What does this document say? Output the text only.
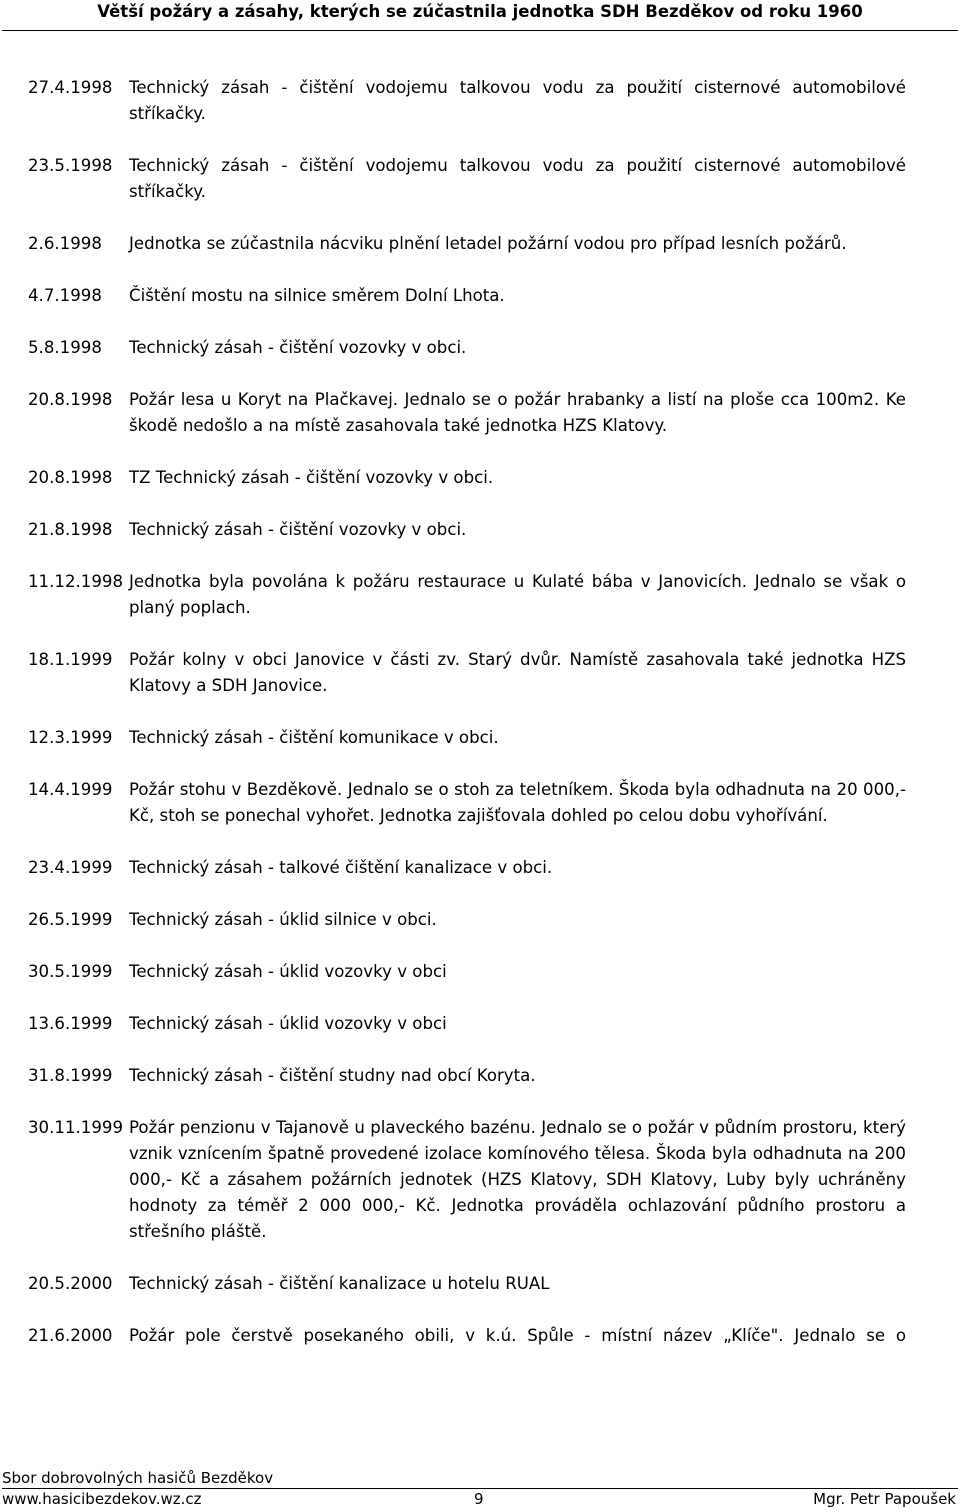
Větší požáry a zásahy, kterých se zúčastnila jednotka SDH Bezděkov od roku 1960
27.4.1998 Technický zásah - čištění vodojemu talkovou vodu za použití cisternové automobilové stříkačky.
23.5.1998 Technický zásah - čištění vodojemu talkovou vodu za použití cisternové automobilové stříkačky.
2.6.1998	Jednotka se zúčastnila nácviku plnění letadel požární vodou pro případ lesních požárů.
4.7.1998	Čištění mostu na silnice směrem Dolní Lhota.
5.8.1998	Technický zásah - čištění vozovky v obci.
20.8.1998 Požár lesa u Koryt na Plačkavej. Jednalo se o požár hrabanky a listí na ploše cca 100m2. Ke škodě nedošlo a na místě zasahovala také jednotka HZS Klatovy.
20.8.1998 TZ Technický zásah - čištění vozovky v obci.
21.8.1998 Technický zásah - čištění vozovky v obci.
11.12.1998 Jednotka byla povolána k požáru restaurace u Kulaté bába v Janovicích. Jednalo se však o planý poplach.
18.1.1999 Požár kolny v obci Janovice v části zv. Starý dvůr. Namístě zasahovala také jednotka HZS Klatovy a SDH Janovice.
12.3.1999 Technický zásah - čištění komunikace v obci.
14.4.1999 Požár stohu v Bezděkově. Jednalo se o stoh za teletníkem. Škoda byla odhadnuta na 20 000,- Kč, stoh se ponechal vyhořet. Jednotka zajišťovala dohled po celou dobu vyhořívání.
23.4.1999 Technický zásah - talkové čištění kanalizace v obci.
26.5.1999 Technický zásah - úklid silnice v obci.
30.5.1999 Technický zásah - úklid vozovky v obci
13.6.1999 Technický zásah - úklid vozovky v obci
31.8.1999 Technický zásah - čištění studny nad obcí Koryta.
30.11.1999 Požár penzionu v Tajanově u plaveckého bazénu. Jednalo se o požár v půdním prostoru, který vznik vznícením špatně provedené izolace komínového tělesa. Škoda byla odhadnuta na 200 000,- Kč a zásahem požárních jednotek (HZS Klatovy, SDH Klatovy, Luby byly uchráněny hodnoty za téměř 2 000 000,- Kč. Jednotka prováděla ochlazování půdního prostoru a střešního pláště.
20.5.2000 Technický zásah - čištění kanalizace u hotelu RUAL
21.6.2000 Požár pole čerstvě posekaného obili, v k.ú. Spůle - místní název „Klíče". Jednalo se o
Sbor dobrovolných hasičů Bezděkov
www.hasicibezdekov.wz.cz	9	Mgr. Petr Papoušek
